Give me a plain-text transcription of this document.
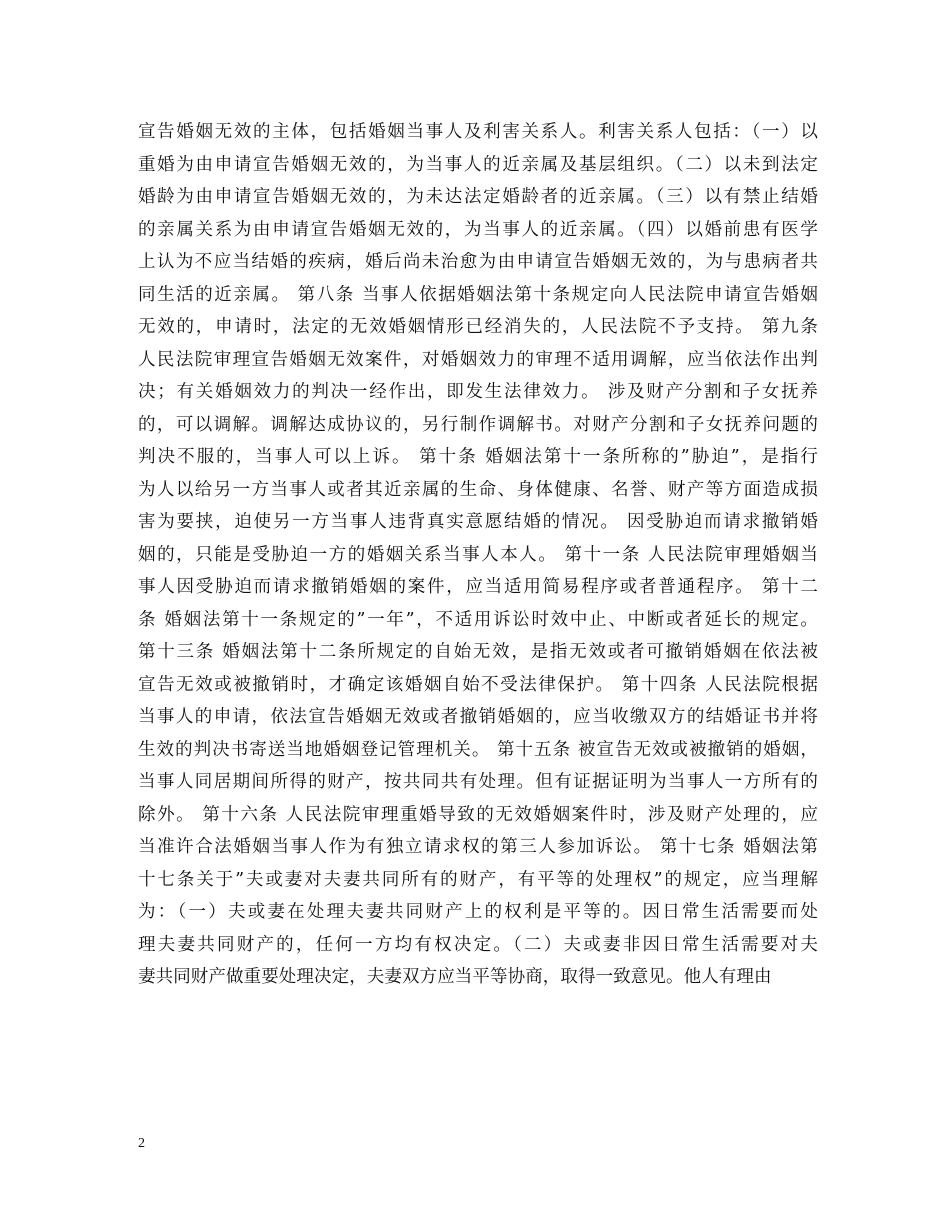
宣告婚姻无效的主体，包括婚姻当事人及利害关系人。利害关系人包括：（一）以
重婚为由申请宣告婚姻无效的，为当事人的近亲属及基层组织。（二）以未到法定
婚龄为由申请宣告婚姻无效的，为未达法定婚龄者的近亲属。（三）以有禁止结婚
的亲属关系为由申请宣告婚姻无效的，为当事人的近亲属。（四）以婚前患有医学
上认为不应当结婚的疾病，婚后尚未治愈为由申请宣告婚姻无效的，为与患病者共
同生活的近亲属。 第八条 当事人依据婚姻法第十条规定向人民法院申请宣告婚姻
无效的，申请时，法定的无效婚姻情形已经消失的，人民法院不予支持。 第九条
人民法院审理宣告婚姻无效案件，对婚姻效力的审理不适用调解，应当依法作出判
决；有关婚姻效力的判决一经作出，即发生法律效力。 涉及财产分割和子女抚养
的，可以调解。调解达成协议的，另行制作调解书。对财产分割和子女抚养问题的
判决不服的，当事人可以上诉。 第十条 婚姻法第十一条所称的”胁迫”，是指行
为人以给另一方当事人或者其近亲属的生命、身体健康、名誉、财产等方面造成损
害为要挟，迫使另一方当事人违背真实意愿结婚的情况。 因受胁迫而请求撤销婚
姻的，只能是受胁迫一方的婚姻关系当事人本人。 第十一条 人民法院审理婚姻当
事人因受胁迫而请求撤销婚姻的案件，应当适用简易程序或者普通程序。 第十二
条 婚姻法第十一条规定的”一年”，不适用诉讼时效中止、中断或者延长的规定。
第十三条 婚姻法第十二条所规定的自始无效，是指无效或者可撤销婚姻在依法被
宣告无效或被撤销时，才确定该婚姻自始不受法律保护。 第十四条 人民法院根据
当事人的申请，依法宣告婚姻无效或者撤销婚姻的，应当收缴双方的结婚证书并将
生效的判决书寄送当地婚姻登记管理机关。 第十五条 被宣告无效或被撤销的婚姻，
当事人同居期间所得的财产，按共同共有处理。但有证据证明为当事人一方所有的
除外。 第十六条 人民法院审理重婚导致的无效婚姻案件时，涉及财产处理的，应
当准许合法婚姻当事人作为有独立请求权的第三人参加诉讼。 第十七条 婚姻法第
十七条关于”夫或妻对夫妻共同所有的财产，有平等的处理权”的规定，应当理解
为：（一）夫或妻在处理夫妻共同财产上的权利是平等的。因日常生活需要而处
理夫妻共同财产的，任何一方均有权决定。（二）夫或妻非因日常生活需要对夫
妻共同财产做重要处理决定，夫妻双方应当平等协商，取得一致意见。他人有理由
2
